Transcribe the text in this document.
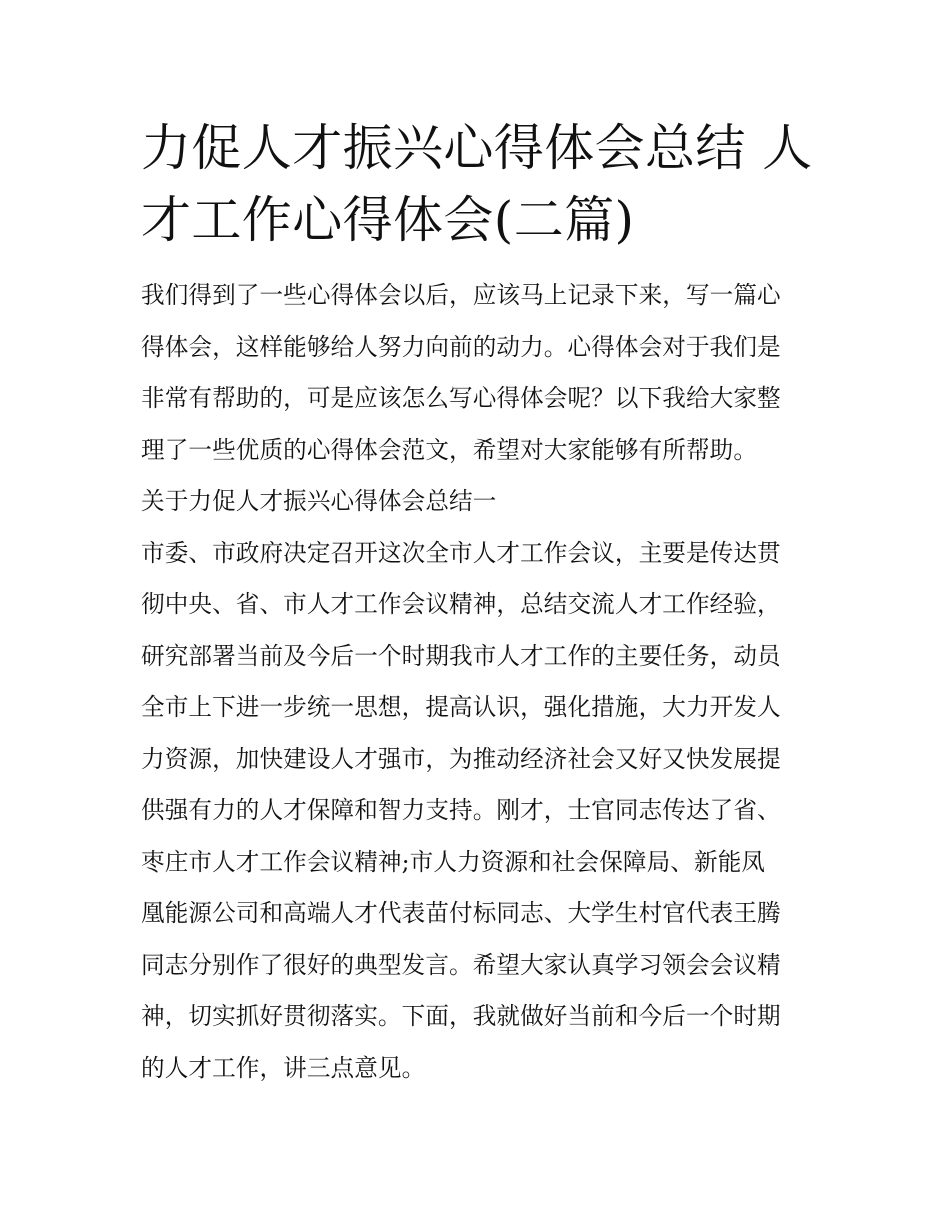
力促人才振兴心得体会总结 人

才工作心得体会(二篇)

我们得到了一些心得体会以后，应该马上记录下来，写一篇心

得体会，这样能够给人努力向前的动力。心得体会对于我们是

非常有帮助的，可是应该怎么写心得体会呢？以下我给大家整

理了一些优质的心得体会范文，希望对大家能够有所帮助。

关于力促人才振兴心得体会总结一

市委、市政府决定召开这次全市人才工作会议，主要是传达贯

彻中央、省、市人才工作会议精神，总结交流人才工作经验，

研究部署当前及今后一个时期我市人才工作的主要任务，动员

全市上下进一步统一思想，提高认识，强化措施，大力开发人

力资源，加快建设人才强市，为推动经济社会又好又快发展提

供强有力的人才保障和智力支持。刚才，士官同志传达了省、

枣庄市人才工作会议精神;市人力资源和社会保障局、新能凤

凰能源公司和高端人才代表苗付标同志、大学生村官代表王腾

同志分别作了很好的典型发言。希望大家认真学习领会会议精

神，切实抓好贯彻落实。下面，我就做好当前和今后一个时期

的人才工作，讲三点意见。
